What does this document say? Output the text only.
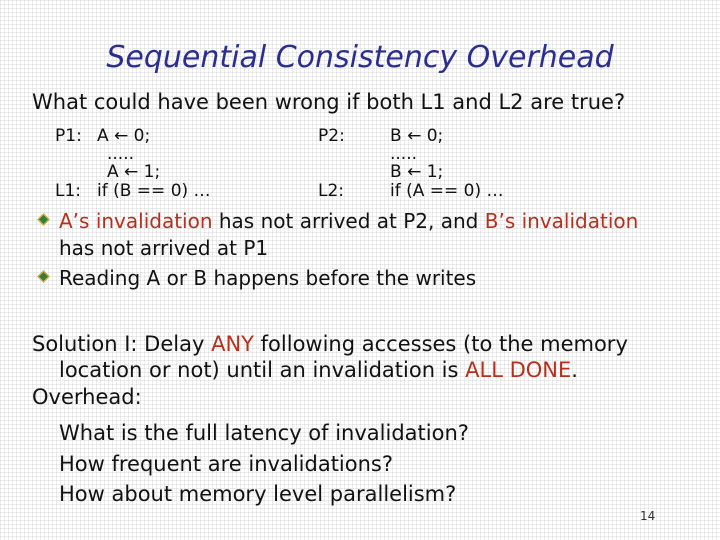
Sequential Consistency Overhead
What could have been wrong if both L1 and L2 are true?
P1: A ← 0;
.....
A ← 1;
L1: if (B == 0) …
P2:	B ← 0;
.....
B ← 1;
L2:	if (A == 0) …
A’s invalidation has not arrived at P2, and B’s invalidation
has not arrived at P1
Reading A or B happens before the writes
Solution I: Delay ANY following accesses (to the memory
location or not) until an invalidation is ALL DONE.
Overhead:
What is the full latency of invalidation?
How frequent are invalidations?
How about memory level parallelism?
14
